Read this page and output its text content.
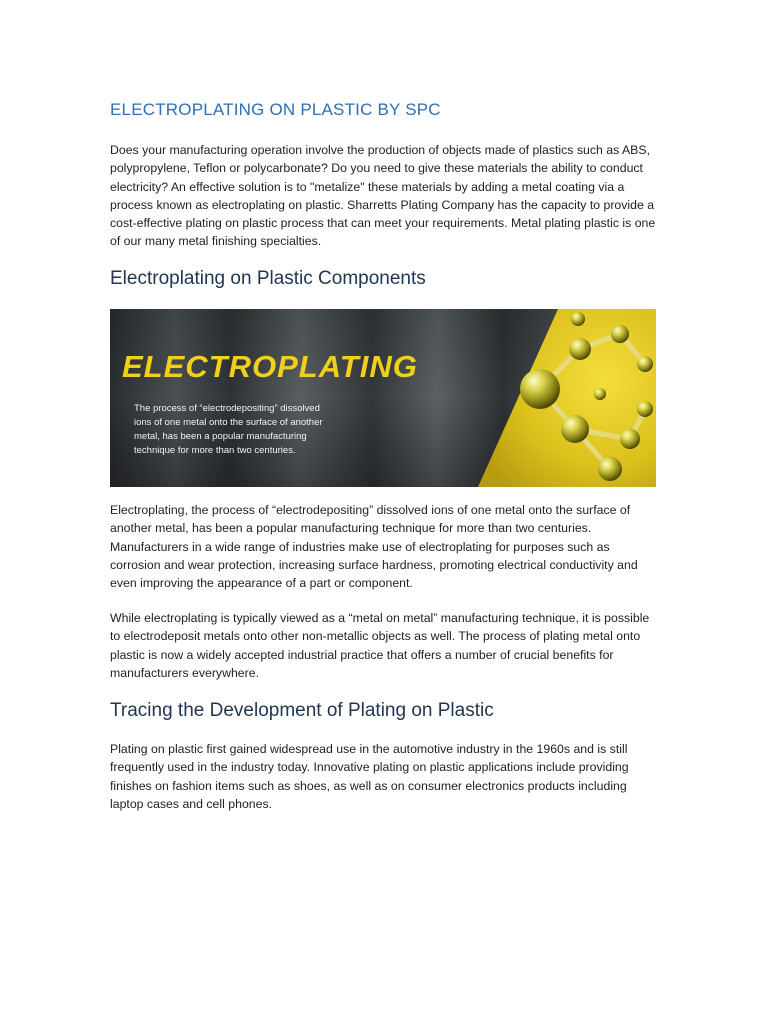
ELECTROPLATING ON PLASTIC BY SPC

Does your manufacturing operation involve the production of objects made of plastics such as ABS, polypropylene, Teflon or polycarbonate? Do you need to give these materials the ability to conduct electricity? An effective solution is to "metalize" these materials by adding a metal coating via a process known as electroplating on plastic. Sharretts Plating Company has the capacity to provide a cost-effective plating on plastic process that can meet your requirements. Metal plating plastic is one of our many metal finishing specialties.

Electroplating on Plastic Components
ELECTROPLATING
The process of “electrodepositing” dissolved
ions of one metal onto the surface of another
metal, has been a popular manufacturing
technique for more than two centuries.

Electroplating, the process of “electrodepositing” dissolved ions of one metal onto the surface of another metal, has been a popular manufacturing technique for more than two centuries. Manufacturers in a wide range of industries make use of electroplating for purposes such as corrosion and wear protection, increasing surface hardness, promoting electrical conductivity and even improving the appearance of a part or component.

While electroplating is typically viewed as a “metal on metal” manufacturing technique, it is possible to electrodeposit metals onto other non-metallic objects as well. The process of plating metal onto plastic is now a widely accepted industrial practice that offers a number of crucial benefits for manufacturers everywhere.

Tracing the Development of Plating on Plastic

Plating on plastic first gained widespread use in the automotive industry in the 1960s and is still frequently used in the industry today. Innovative plating on plastic applications include providing finishes on fashion items such as shoes, as well as on consumer electronics products including laptop cases and cell phones.
